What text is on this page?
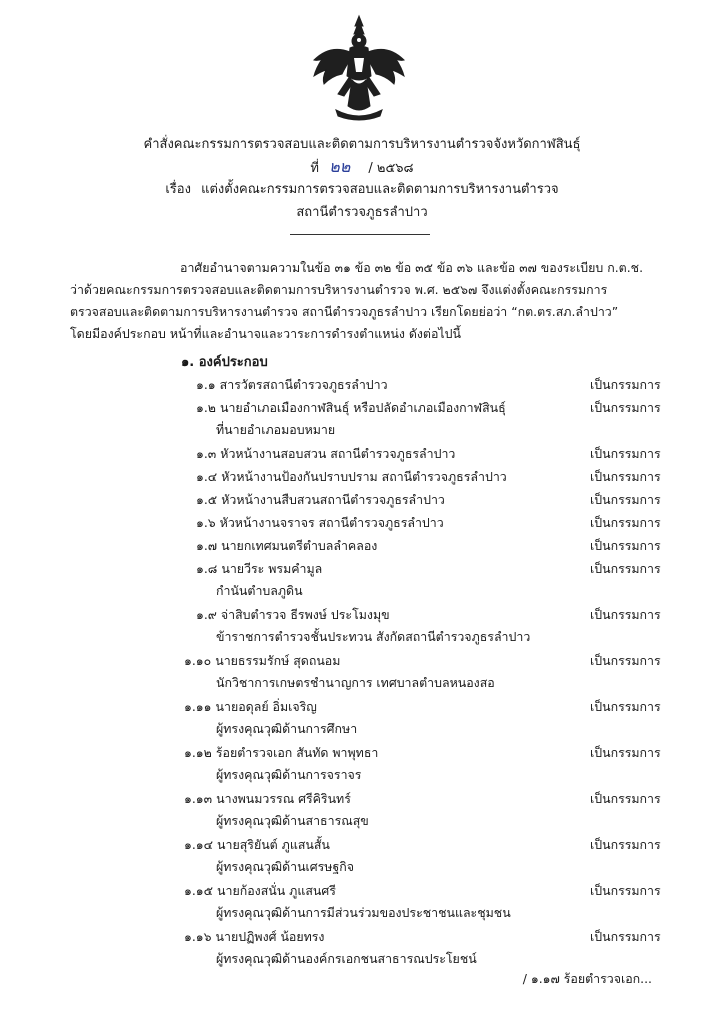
คำสั่งคณะกรรมการตรวจสอบและติดตามการบริหารงานตำรวจจังหวัดกาฬสินธุ์
ที่ ๒๒ / ๒๕๖๘
เรื่อง แต่งตั้งคณะกรรมการตรวจสอบและติดตามการบริหารงานตำรวจ
สถานีตำรวจภูธรลำปาว
อาศัยอำนาจตามความในข้อ ๓๑ ข้อ ๓๒ ข้อ ๓๕ ข้อ ๓๖ และข้อ ๓๗ ของระเบียบ ก.ต.ช.
ว่าด้วยคณะกรรมการตรวจสอบและติดตามการบริหารงานตำรวจ พ.ศ. ๒๕๖๗ จึงแต่งตั้งคณะกรรมการ
ตรวจสอบและติดตามการบริหารงานตำรวจ สถานีตำรวจภูธรลำปาว เรียกโดยย่อว่า “กต.ตร.สภ.ลำปาว”
โดยมีองค์ประกอบ หน้าที่และอำนาจและวาระการดำรงตำแหน่ง ดังต่อไปนี้
๑. องค์ประกอบ
๑.๑ สารวัตรสถานีตำรวจภูธรลำปาว	เป็นกรรมการ
๑.๒ นายอำเภอเมืองกาฬสินธุ์ หรือปลัดอำเภอเมืองกาฬสินธุ์	เป็นกรรมการ
ที่นายอำเภอมอบหมาย
๑.๓ หัวหน้างานสอบสวน สถานีตำรวจภูธรลำปาว	เป็นกรรมการ
๑.๔ หัวหน้างานป้องกันปราบปราม สถานีตำรวจภูธรลำปาว	เป็นกรรมการ
๑.๕ หัวหน้างานสืบสวนสถานีตำรวจภูธรลำปาว	เป็นกรรมการ
๑.๖ หัวหน้างานจราจร สถานีตำรวจภูธรลำปาว	เป็นกรรมการ
๑.๗ นายกเทศมนตรีตำบลลำคลอง	เป็นกรรมการ
๑.๘ นายวีระ พรมคำมูล	เป็นกรรมการ
กำนันตำบลภูดิน
๑.๙ จ่าสิบตำรวจ ธีรพงษ์ ประโมงมุข	เป็นกรรมการ
ข้าราชการตำรวจชั้นประทวน สังกัดสถานีตำรวจภูธรลำปาว
๑.๑๐ นายธรรมรักษ์ สุดถนอม	เป็นกรรมการ
นักวิชาการเกษตรชำนาญการ เทศบาลตำบลหนองสอ
๑.๑๑ นายอดุลย์ อิ่มเจริญ	เป็นกรรมการ
ผู้ทรงคุณวุฒิด้านการศึกษา
๑.๑๒ ร้อยตำรวจเอก สันทัด พาพุทธา	เป็นกรรมการ
ผู้ทรงคุณวุฒิด้านการจราจร
๑.๑๓ นางพนมวรรณ ศรีคิรินทร์	เป็นกรรมการ
ผู้ทรงคุณวุฒิด้านสาธารณสุข
๑.๑๔ นายสุริยันต์ ภูแสนสั้น	เป็นกรรมการ
ผู้ทรงคุณวุฒิด้านเศรษฐกิจ
๑.๑๕ นายก้องสนั่น ภูแสนศรี	เป็นกรรมการ
ผู้ทรงคุณวุฒิด้านการมีส่วนร่วมของประชาชนและชุมชน
๑.๑๖ นายปฏิพงศ์ น้อยทรง	เป็นกรรมการ
ผู้ทรงคุณวุฒิด้านองค์กรเอกชนสาธารณประโยชน์
/ ๑.๑๗ ร้อยตำรวจเอก...
